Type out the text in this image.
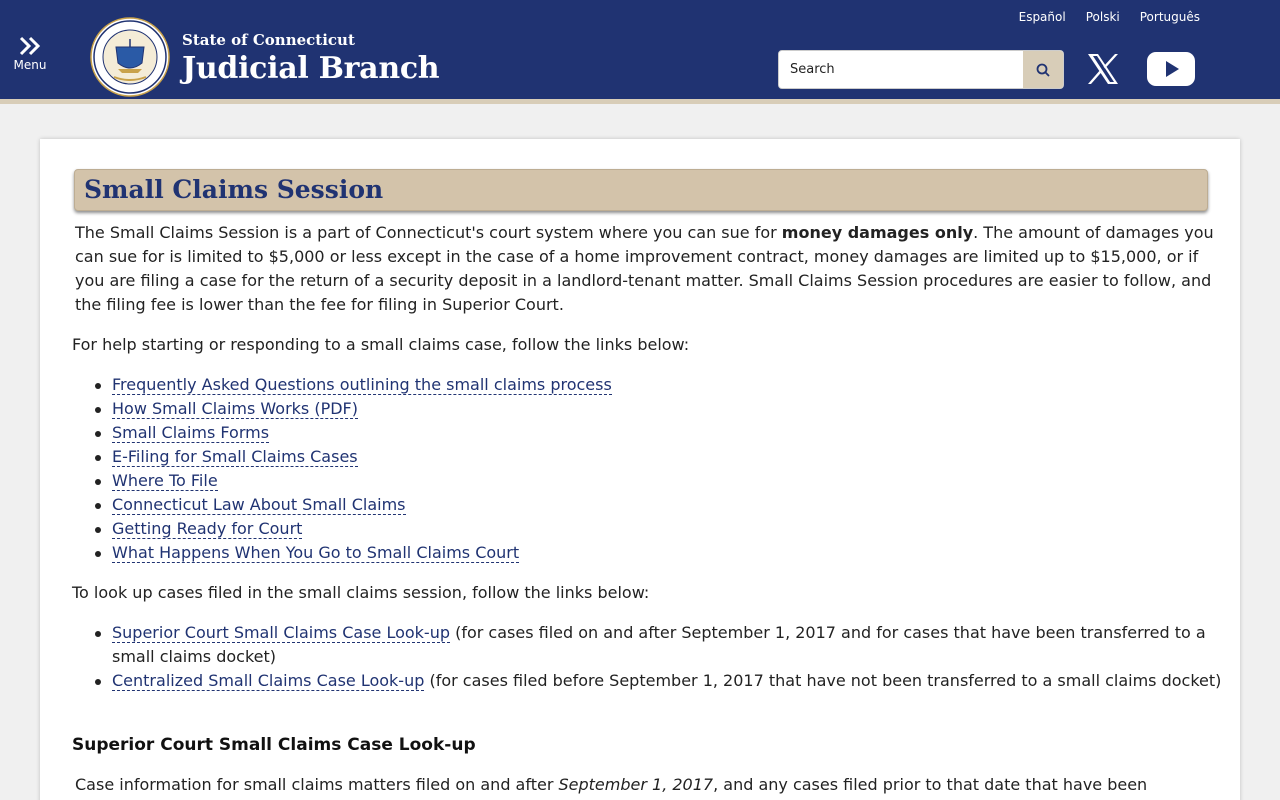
Menu
State of Connecticut
Judicial Branch
Español Polski Português
Search
Small Claims Session

The Small Claims Session is a part of Connecticut's court system where you can sue for money damages only. The amount of damages you can sue for is limited to $5,000 or less except in the case of a home improvement contract, money damages are limited up to $15,000, or if you are filing a case for the return of a security deposit in a landlord-tenant matter. Small Claims Session procedures are easier to follow, and the filing fee is lower than the fee for filing in Superior Court.

For help starting or responding to a small claims case, follow the links below:

Frequently Asked Questions outlining the small claims process
How Small Claims Works (PDF)
Small Claims Forms
E-Filing for Small Claims Cases
Where To File
Connecticut Law About Small Claims
Getting Ready for Court
What Happens When You Go to Small Claims Court

To look up cases filed in the small claims session, follow the links below:

Superior Court Small Claims Case Look-up (for cases filed on and after September 1, 2017 and for cases that have been transferred to a small claims docket)
Centralized Small Claims Case Look-up (for cases filed before September 1, 2017 that have not been transferred to a small claims docket)
Superior Court Small Claims Case Look-up

Case information for small claims matters filed on and after September 1, 2017, and any cases filed prior to that date that have been
